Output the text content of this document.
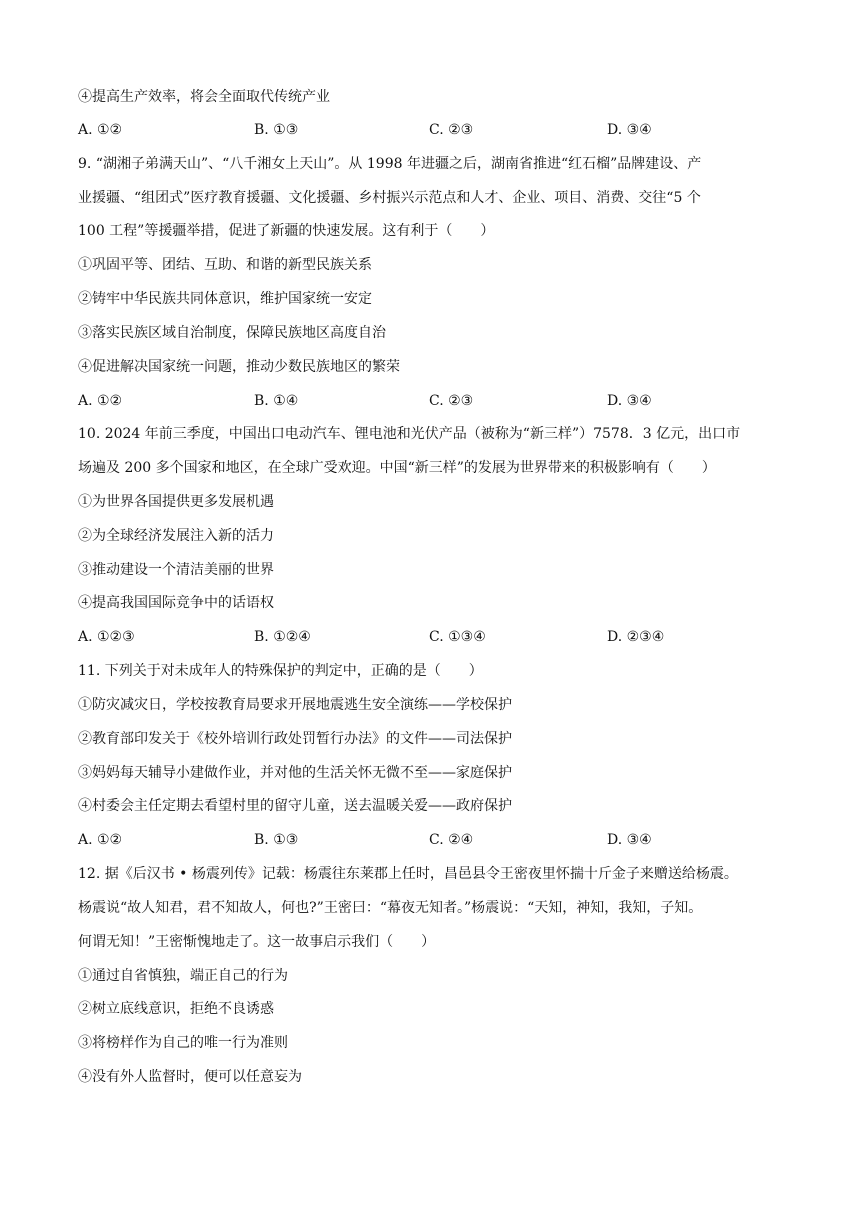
④提高生产效率，将会全面取代传统产业
A. ①②	B. ①③	C. ②③	D. ③④
9. “湖湘子弟满天山”、“八千湘女上天山”。从 1998 年进疆之后，湖南省推进“红石榴”品牌建设、产
业援疆、“组团式”医疗教育援疆、文化援疆、乡村振兴示范点和人才、企业、项目、消费、交往“5 个
100 工程”等援疆举措，促进了新疆的快速发展。这有利于（　　）
①巩固平等、团结、互助、和谐的新型民族关系
②铸牢中华民族共同体意识，维护国家统一安定
③落实民族区域自治制度，保障民族地区高度自治
④促进解决国家统一问题，推动少数民族地区的繁荣
A. ①②	B. ①④	C. ②③	D. ③④
10. 2024 年前三季度，中国出口电动汽车、锂电池和光伏产品（被称为“新三样”）7578．3 亿元，出口市
场遍及 200 多个国家和地区，在全球广受欢迎。中国“新三样”的发展为世界带来的积极影响有（　　）
①为世界各国提供更多发展机遇
②为全球经济发展注入新的活力
③推动建设一个清洁美丽的世界
④提高我国国际竞争中的话语权
A. ①②③	B. ①②④	C. ①③④	D. ②③④
11. 下列关于对未成年人的特殊保护的判定中，正确的是（　　）
①防灾减灾日，学校按教育局要求开展地震逃生安全演练——学校保护
②教育部印发关于《校外培训行政处罚暂行办法》的文件——司法保护
③妈妈每天辅导小建做作业，并对他的生活关怀无微不至——家庭保护
④村委会主任定期去看望村里的留守儿童，送去温暖关爱——政府保护
A. ①②	B. ①③	C. ②④	D. ③④
12. 据《后汉书 • 杨震列传》记载：杨震往东莱郡上任时，昌邑县令王密夜里怀揣十斤金子来赠送给杨震。
杨震说“故人知君，君不知故人，何也?”王密曰：“幕夜无知者。”杨震说：“天知，神知，我知，子知。
何谓无知！”王密惭愧地走了。这一故事启示我们（　　）
①通过自省慎独，端正自己的行为
②树立底线意识，拒绝不良诱惑
③将榜样作为自己的唯一行为准则
④没有外人监督时，便可以任意妄为
